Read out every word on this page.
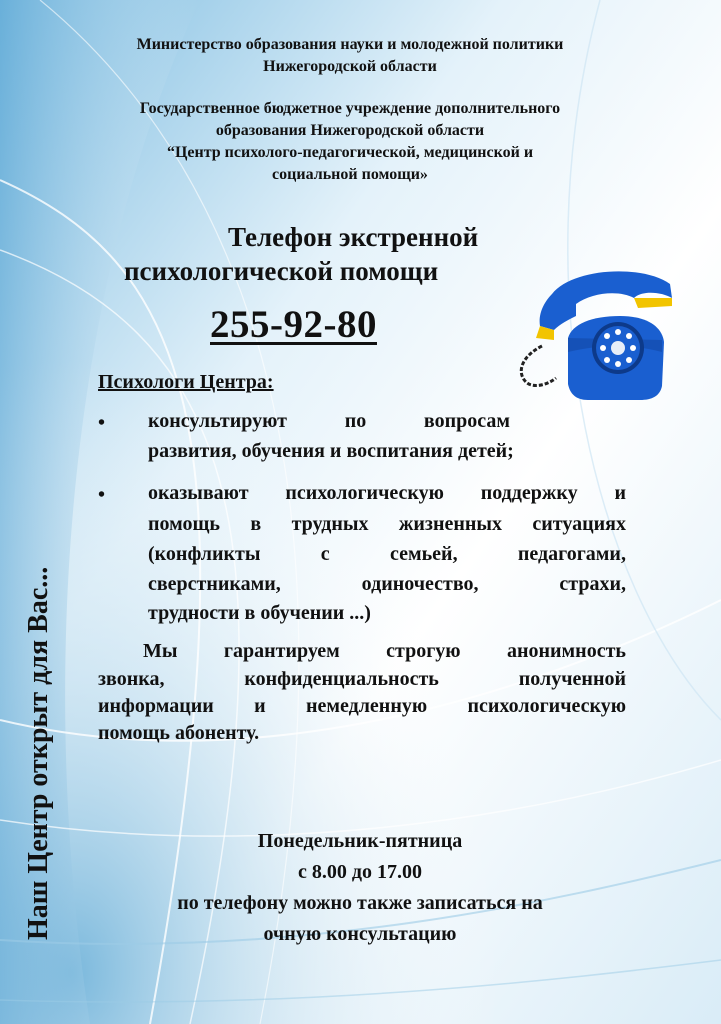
Министерство образования науки и молодежной политики
Нижегородской области
Государственное бюджетное учреждение дополнительного
образования Нижегородской области
“Центр психолого-педагогической, медицинской и
социальной помощи»
Телефон экстренной
психологической помощи
255-92-80
Психологи Центра:
• консультируют	по	вопросам
развития, обучения и воспитания детей;
• оказывают психологическую поддержку и
помощь в трудных жизненных ситуациях
(конфликты	с	семьей,	педагогами,
сверстниками,	одиночество,	страхи,
трудности в обучении ...)
Мы гарантируем строгую анонимность
звонка,	конфиденциальность	полученной
информации и немедленную психологическую
помощь абоненту.
Наш Центр открыт для Вас...	Понедельник-пятница
с 8.00 до 17.00
по телефону можно также записаться на
очную консультацию
